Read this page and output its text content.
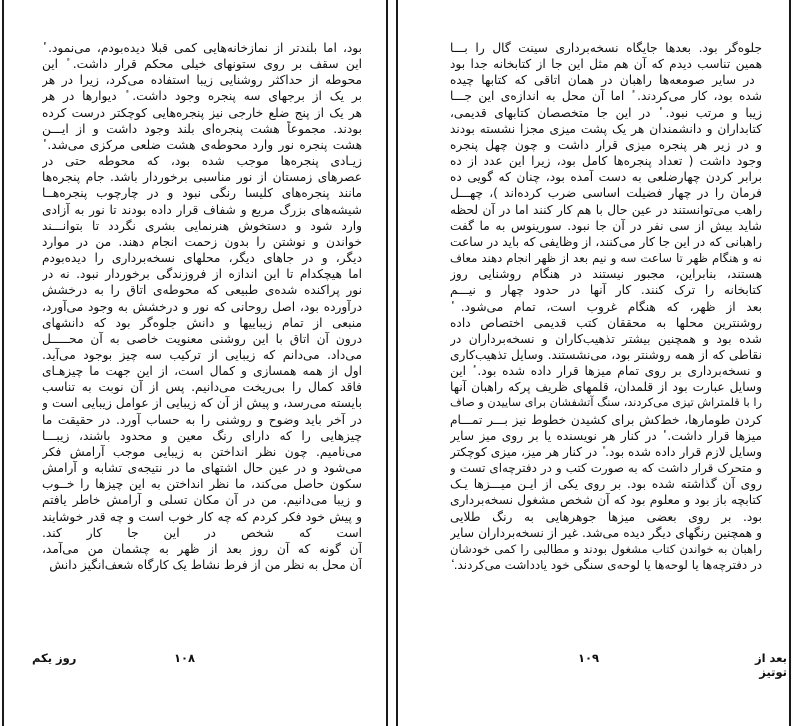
بود، اما بلندتر از نمازخانه‌هایی کمی قبلا دیده‌بودم، می‌نمود. ٔ
این سقف بر روی ستونهای خیلی محکم قرار داشت. ٔ این
محوطه از حداکثر روشنایی زیبا استفاده می‌کرد، زیرا در هر
بر یک از برجهای سه پنجره وجود داشت. ٔ دیوارها در هر
هر یک از پنج ضلع خارجی نیز پنجره‌هایی کوچکتر درست کرده
بودند. مجموعاً هشت پنجره‌ای بلند وجود داشت و از ایـــن
هشت پنجره نور وارد محوطه‌ی هشت ضلعی مرکزی می‌شد. ٔ
زیـادی پنجره‌ها موجب شده بود، که محوطه حتی در
عصرهای زمستان از نور مناسبی برخوردار باشد. جام پنجره‌ها
مانند پنجره‌های کلیسا رنگی نبود و در چارچوب پنجره‌هــا
شیشه‌های بزرگ مربع و شفاف قرار داده بودند تا نور به آزادی
وارد شود و دستخوش هنرنمایی بشری نگردد تا بتوانـــند
خواندن و نوشتن را بدون زحمت انجام دهند. من در موارد
دیگر، و در جاهای دیگر، محلهای نسخه‌برداری را دیده‌بودم
اما هیچکدام تا این اندازه از فروزندگی برخوردار نبود. نه در
نور پراکنده شده‌ی طبیعی که محوطه‌ی اتاق را به درخشش
درآورده بود، اصل روحانی که نور و درخشش به وجود می‌آورد،
منبعی از تمام زیباییها و دانش جلوه‌گر بود که دانشهای
درون آن اتاق با این روشنی معنویت خاصی به آن محـــــل
می‌داد. می‌دانم که زیبایی از ترکیب سه چیز بوجود می‌آید.
اول از همه همسازی و کمال است، از این جهت ما چیزهـای
فاقد کمال را بی‌ریخت می‌دانیم. پس از آن نوبت به تناسب
بایسته می‌رسد، و پیش از آن که زیبایی از عوامل زیبایی است و
در آخر باید وضوح و روشنی را به حساب آورد. در حقیقت ما
چیزهایی را که دارای رنگ معین و محدود باشند، زیبـــا
می‌نامیم. چون نظر انداختن به زیبایی موجب آرامش فکر
می‌شود و در عین حال اشتهای ما در نتیجه‌ی تشابه و آرامش
سکون حاصل می‌کند، ما نظر انداختن به این چیزها را خــوب
و زیبا می‌دانیم. من در آن مکان تسلی و آرامش خاطر یافتم
و پیش خود فکر کردم که چه کار خوب است و چه قدر خوشایند
است که شخص در این جا کار کند.
آن گونه که آن روز بعد از ظهر به چشمان من می‌آمد،
آن محل به نظر من از فرط نشاط یک کارگاه شعف‌انگیز دانش
۱۰۸
روز یکم
جلوه‌گر بود. بعدها جایگاه نسخه‌برداری سینت گال را بـــا
همین تناسب دیدم که آن هم مثل این جا از کتابخانه جدا بود
ٔ در سایر صومعه‌ها راهبان در همان اتاقی که کتابها چیده
شده بود، کار می‌کردند. ٔ اما آن محل به اندازه‌ی این جـــا
زیبا و مرتب نبود. ٔ در این جا متخصصان کتابهای قدیمی،
کتابداران و دانشمندان هر یک پشت میزی مجزا نشسته بودند
و در زیر هر پنجره میزی قرار داشت و چون چهل پنجره
وجود داشت ( تعداد پنجره‌ها کامل بود، زیرا این عدد از ده
برابر کردن چهارضلعی به دست آمده بود، چنان که گویی ده
فرمان را در چهار فضیلت اساسی ضرب کرده‌اند )، چهـــل
راهب می‌توانستند در عین حال با هم کار کنند اما در آن لحظه
شاید بیش از سی نفر در آن جا نبود. سورینوس به ما گفت
راهبانی که در این جا کار می‌کنند، از وظایفی که باید در ساعت
نه و هنگام ظهر تا ساعت سه و نیم بعد از ظهر انجام دهند معاف
هستند، بنابراین، مجبور نیستند در هنگام روشنایی روز
کتابخانه را ترک کنند. کار آنها در حدود چهار و نیـــم
بعد از ظهر، که هنگام غروب است، تمام می‌شود. ٔ
روشنترین محلها به محققان کتب قدیمی اختصاص داده
شده بود و همچنین بیشتر تذهیب‌کاران و نسخه‌برداران در
نقاطی که از همه روشنتر بود، می‌نشستند. وسایل تذهیب‌کاری
و نسخه‌برداری بر روی تمام میزها قرار داده شده بود. ٔ این
وسایل عبارت بود از قلمدان، قلمهای ظریف پرکه راهبان آنها
را با قلمتراش تیزی می‌کردند، سنگ آتشفشان برای ساییدن و صاف
کردن طومارها، خط‌کش برای کشیدن خطوط نیز بـــر تمـــام
میزها قرار داشت. ٔ در کنار هر نویسنده یا بر روی میز سایر
وسایل لازم قرار داده شده بود. ٔ در کنار هر میز، میزی کوچکتر
و متحرک قرار داشت که به صورت کتب و در دفترچه‌ای تست و
روی آن گذاشته شده بود. بر روی یکی از ایـن میـــزها یـک
کتابچه باز بود و معلوم بود که آن شخص مشغول نسخه‌برداری
بود. بر روی بعضی میزها جوهرهایی به رنگ طلایی
و همچنین رنگهای دیگر دیده می‌شد. غیر از نسخه‌برداران سایر
راهبان به خواندن کتاب مشغول بودند و مطالبی را کمی خودشان
در دفترچه‌ها یا لوحه‌ها یا لوحه‌ی سنگی خود یادداشت می‌کردند. ٔ
۱۰۹	بعد از توتیز
